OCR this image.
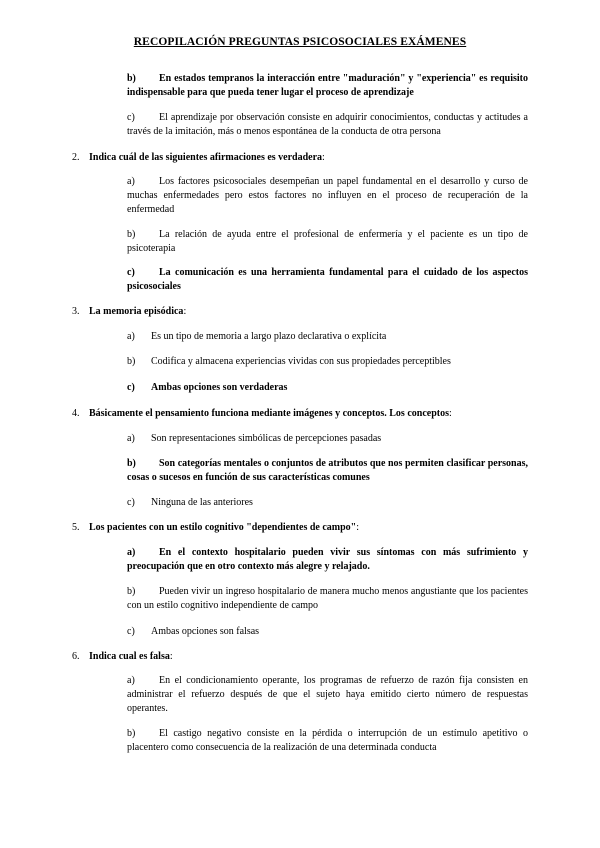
RECOPILACIÓN PREGUNTAS PSICOSOCIALES EXÁMENES
b) En estados tempranos la interacción entre "maduración" y "experiencia" es requisito indispensable para que pueda tener lugar el proceso de aprendizaje
c) El aprendizaje por observación consiste en adquirir conocimientos, conductas y actitudes a través de la imitación, más o menos espontánea de la conducta de otra persona
2. Indica cuál de las siguientes afirmaciones es verdadera:
a) Los factores psicosociales desempeñan un papel fundamental en el desarrollo y curso de muchas enfermedades pero estos factores no influyen en el proceso de recuperación de la enfermedad
b) La relación de ayuda entre el profesional de enfermería y el paciente es un tipo de psicoterapia
c) La comunicación es una herramienta fundamental para el cuidado de los aspectos psicosociales
3. La memoria episódica:
a) Es un tipo de memoria a largo plazo declarativa o explícita
b) Codifica y almacena experiencias vividas con sus propiedades perceptibles
c) Ambas opciones son verdaderas
4. Básicamente el pensamiento funciona mediante imágenes y conceptos. Los conceptos:
a) Son representaciones simbólicas de percepciones pasadas
b) Son categorías mentales o conjuntos de atributos que nos permiten clasificar personas, cosas o sucesos en función de sus características comunes
c) Ninguna de las anteriores
5. Los pacientes con un estilo cognitivo "dependientes de campo":
a) En el contexto hospitalario pueden vivir sus síntomas con más sufrimiento y preocupación que en otro contexto más alegre y relajado.
b) Pueden vivir un ingreso hospitalario de manera mucho menos angustiante que los pacientes con un estilo cognitivo independiente de campo
c) Ambas opciones son falsas
6. Indica cual es falsa:
a) En el condicionamiento operante, los programas de refuerzo de razón fija consisten en administrar el refuerzo después de que el sujeto haya emitido cierto número de respuestas operantes.
b) El castigo negativo consiste en la pérdida o interrupción de un estímulo apetitivo o placentero como consecuencia de la realización de una determinada conducta
